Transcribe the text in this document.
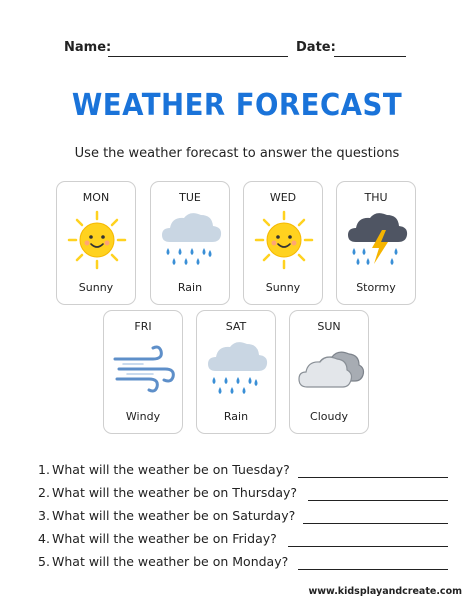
Name:	Date:
WEATHER FORECAST
Use the weather forecast to answer the questions
MON
Sunny
TUE
Rain
WED
Sunny
THU
Stormy
FRI
Windy
SAT
Rain
SUN
Cloudy
1. What will the weather be on Tuesday?
2. What will the weather be on Thursday?
3. What will the weather be on Saturday?
4. What will the weather be on Friday?
5. What will the weather be on Monday?
www.kidsplayandcreate.com
